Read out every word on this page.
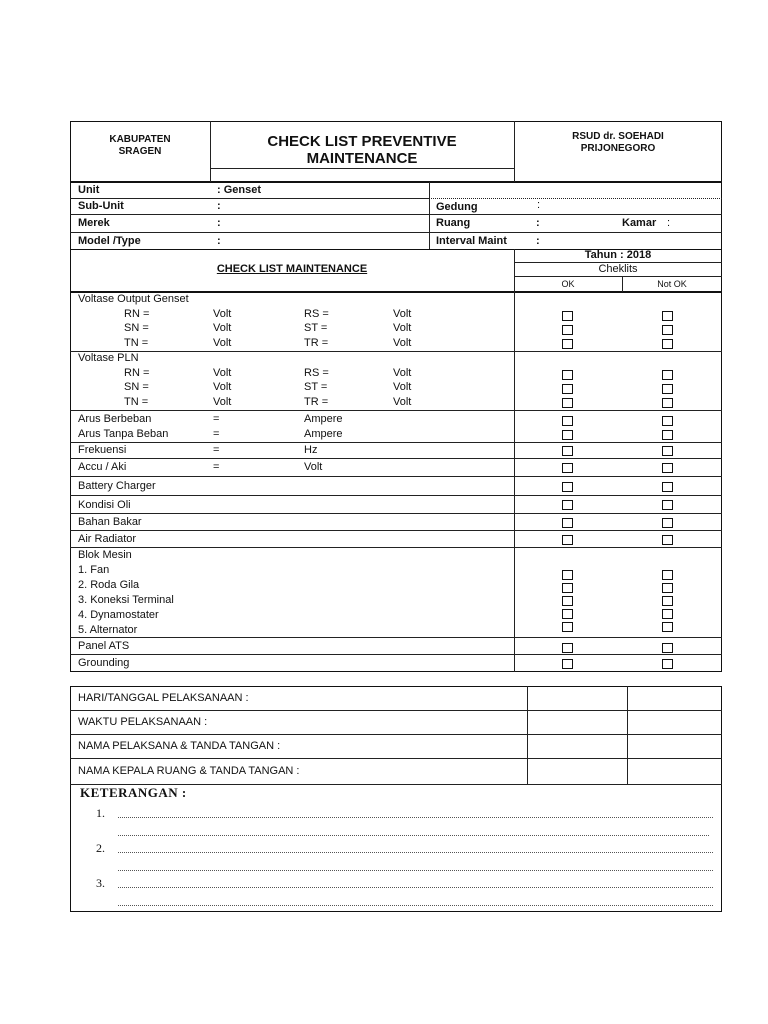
KABUPATEN
SRAGEN
CHECK LIST PREVENTIVE
MAINTENANCE
RSUD dr. SOEHADI
PRIJONEGORO
Unit	: Genset
Sub-Unit	:
Merek	:
Model /Type	:
Gedung	:
Ruang	:	Kamar :
Interval Maint	:
CHECK LIST MAINTENANCE
Tahun : 2018
Cheklits
OK	Not OK
Voltase Output Genset
RN =	Volt	RS =	Volt
SN =	Volt	ST =	Volt
TN =	Volt	TR =	Volt
Voltase PLN
RN =	Volt	RS =	Volt
SN =	Volt	ST =	Volt
TN =	Volt	TR =	Volt
Arus Berbeban	=	Ampere
Arus Tanpa Beban	=	Ampere
Frekuensi	=	Hz
Accu / Aki	=	Volt
Battery Charger
Kondisi Oli
Bahan Bakar
Air Radiator
Blok Mesin
1. Fan
2. Roda Gila
3. Koneksi Terminal
4. Dynamostater
5. Alternator
Panel ATS
Grounding
HARI/TANGGAL PELAKSANAAN :
WAKTU PELAKSANAAN :
NAMA PELAKSANA & TANDA TANGAN :
NAMA KEPALA RUANG & TANDA TANGAN :
KETERANGAN :
1.
2.
3.
